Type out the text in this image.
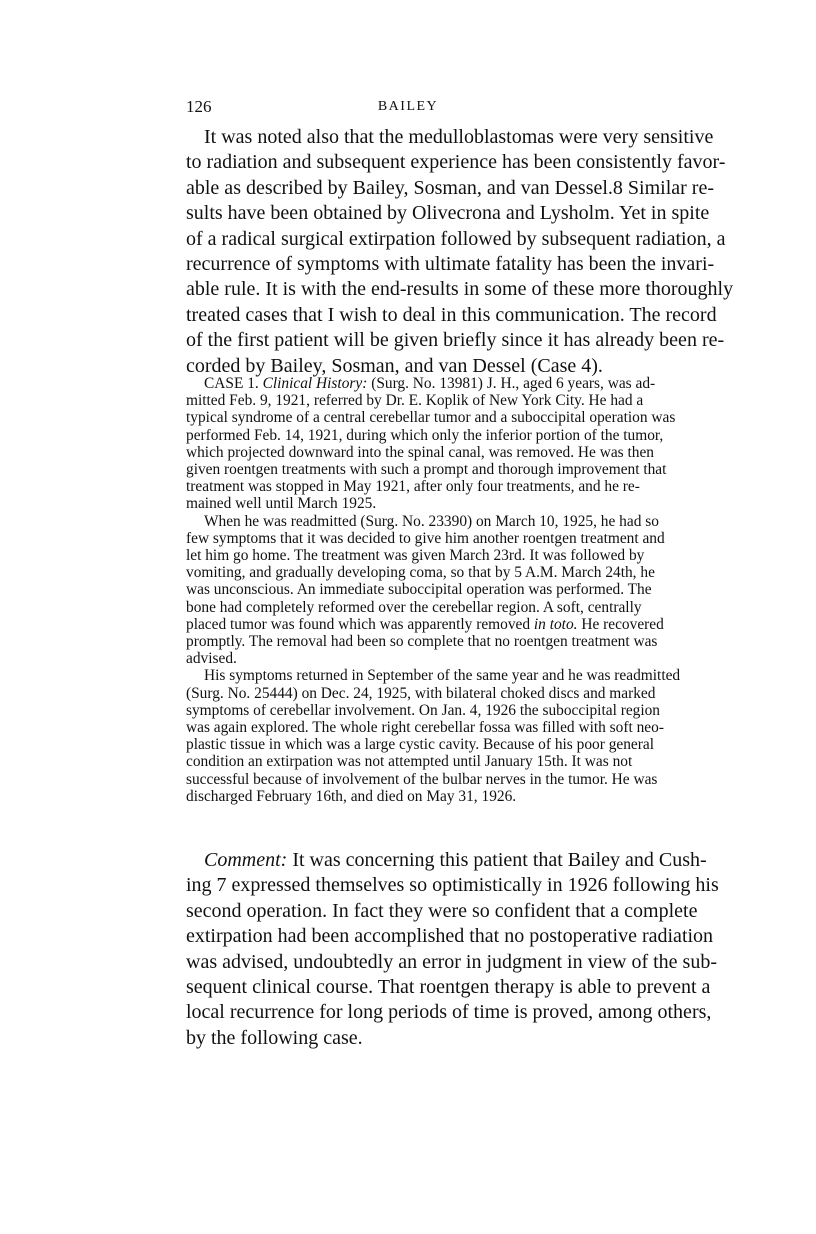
126	BAILEY
It was noted also that the medulloblastomas were very sensitive
to radiation and subsequent experience has been consistently favor-
able as described by Bailey, Sosman, and van Dessel.8 Similar re-
sults have been obtained by Olivecrona and Lysholm. Yet in spite
of a radical surgical extirpation followed by subsequent radiation, a
recurrence of symptoms with ultimate fatality has been the invari-
able rule. It is with the end-results in some of these more thoroughly
treated cases that I wish to deal in this communication. The record
of the first patient will be given briefly since it has already been re-
corded by Bailey, Sosman, and van Dessel (Case 4).
CASE 1. Clinical History: (Surg. No. 13981) J. H., aged 6 years, was ad-
mitted Feb. 9, 1921, referred by Dr. E. Koplik of New York City. He had a
typical syndrome of a central cerebellar tumor and a suboccipital operation was
performed Feb. 14, 1921, during which only the inferior portion of the tumor,
which projected downward into the spinal canal, was removed. He was then
given roentgen treatments with such a prompt and thorough improvement that
treatment was stopped in May 1921, after only four treatments, and he re-
mained well until March 1925.
When he was readmitted (Surg. No. 23390) on March 10, 1925, he had so
few symptoms that it was decided to give him another roentgen treatment and
let him go home. The treatment was given March 23rd. It was followed by
vomiting, and gradually developing coma, so that by 5 A.M. March 24th, he
was unconscious. An immediate suboccipital operation was performed. The
bone had completely reformed over the cerebellar region. A soft, centrally
placed tumor was found which was apparently removed in toto. He recovered
promptly. The removal had been so complete that no roentgen treatment was
advised.
His symptoms returned in September of the same year and he was readmitted
(Surg. No. 25444) on Dec. 24, 1925, with bilateral choked discs and marked
symptoms of cerebellar involvement. On Jan. 4, 1926 the suboccipital region
was again explored. The whole right cerebellar fossa was filled with soft neo-
plastic tissue in which was a large cystic cavity. Because of his poor general
condition an extirpation was not attempted until January 15th. It was not
successful because of involvement of the bulbar nerves in the tumor. He was
discharged February 16th, and died on May 31, 1926.
Comment: It was concerning this patient that Bailey and Cush-
ing 7 expressed themselves so optimistically in 1926 following his
second operation. In fact they were so confident that a complete
extirpation had been accomplished that no postoperative radiation
was advised, undoubtedly an error in judgment in view of the sub-
sequent clinical course. That roentgen therapy is able to prevent a
local recurrence for long periods of time is proved, among others,
by the following case.
